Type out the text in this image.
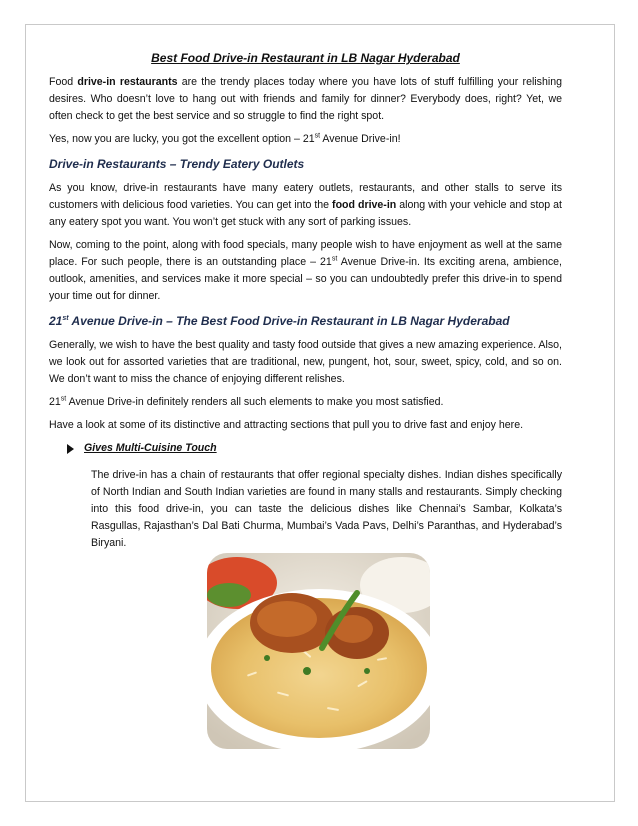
Best Food Drive-in Restaurant in LB Nagar Hyderabad

Food drive-in restaurants are the trendy places today where you have lots of stuff fulfilling your relishing desires. Who doesn’t love to hang out with friends and family for dinner? Everybody does, right? Yet, we often check to get the best service and so struggle to find the right spot.

Yes, now you are lucky, you got the excellent option – 21st Avenue Drive-in!

Drive-in Restaurants – Trendy Eatery Outlets

As you know, drive-in restaurants have many eatery outlets, restaurants, and other stalls to serve its customers with delicious food varieties. You can get into the food drive-in along with your vehicle and stop at any eatery spot you want. You won’t get stuck with any sort of parking issues.

Now, coming to the point, along with food specials, many people wish to have enjoyment as well at the same place. For such people, there is an outstanding place – 21st Avenue Drive-in. Its exciting arena, ambience, outlook, amenities, and services make it more special – so you can undoubtedly prefer this drive-in to spend your time out for dinner.

21st Avenue Drive-in – The Best Food Drive-in Restaurant in LB Nagar Hyderabad

Generally, we wish to have the best quality and tasty food outside that gives a new amazing experience. Also, we look out for assorted varieties that are traditional, new, pungent, hot, sour, sweet, spicy, cold, and so on. We don’t want to miss the chance of enjoying different relishes.

21st Avenue Drive-in definitely renders all such elements to make you most satisfied.

Have a look at some of its distinctive and attracting sections that pull you to drive fast and enjoy here.

Gives Multi-Cuisine Touch

The drive-in has a chain of restaurants that offer regional specialty dishes. Indian dishes specifically of North Indian and South Indian varieties are found in many stalls and restaurants. Simply checking into this food drive-in, you can taste the delicious dishes like Chennai’s Sambar, Kolkata’s Rasgullas, Rajasthan’s Dal Bati Churma, Mumbai’s Vada Pavs, Delhi’s Paranthas, and Hyderabad’s Biryani.
